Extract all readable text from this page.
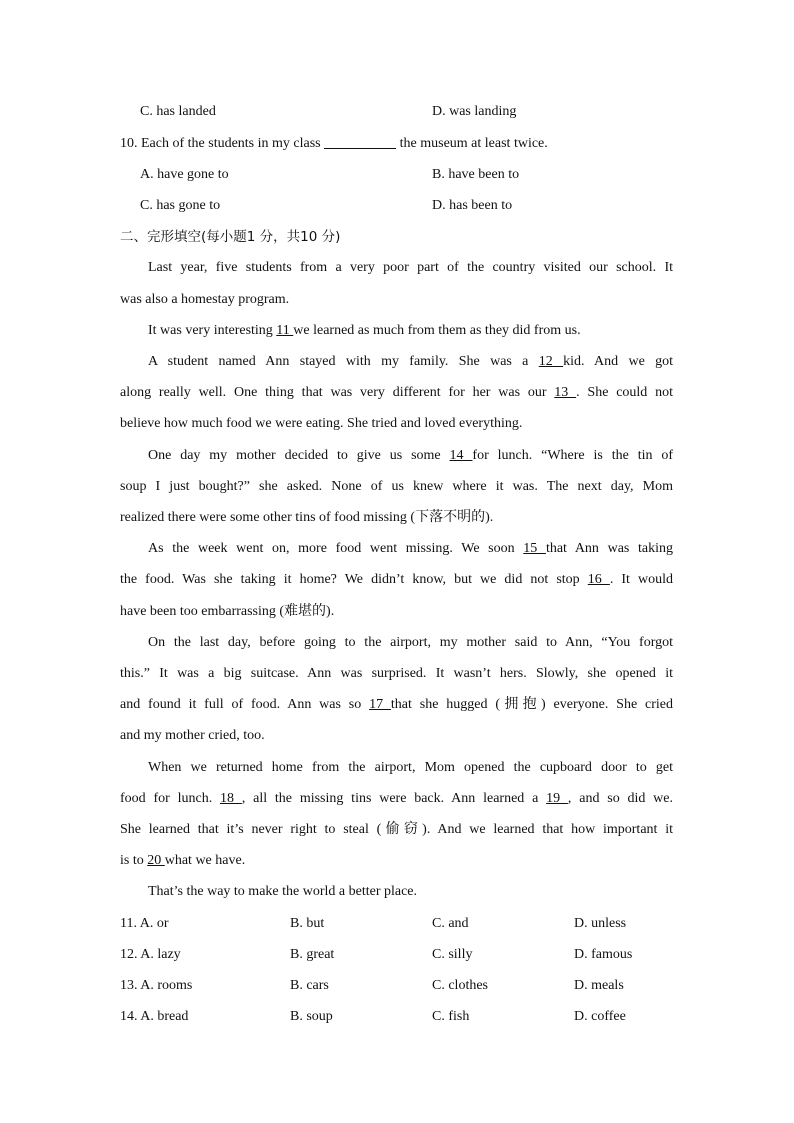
C. has landed	D. was landing
10. Each of the students in my class	the museum at least twice.
A. have gone to	B. have been to
C. has gone to	D. has been to
二、完形填空(每小题1 分，共10 分)
Last year, five students from a very poor part of the country visited our school. It
was also a homestay program.
It was very interesting 11 we learned as much from them as they did from us.
A student named Ann stayed with my family. She was a 12 kid. And we got
along really well. One thing that was very different for her was our 13 . She could not
believe how much food we were eating. She tried and loved everything.
One day my mother decided to give us some 14 for lunch. “Where is the tin of
soup I just bought?” she asked. None of us knew where it was. The next day, Mom
realized there were some other tins of food missing (下落不明的).
As the week went on, more food went missing. We soon 15 that Ann was taking
the food. Was she taking it home? We didn’t know, but we did not stop 16 . It would
have been too embarrassing (难堪的).
On the last day, before going to the airport, my mother said to Ann, “You forgot
this.” It was a big suitcase. Ann was surprised. It wasn’t hers. Slowly, she opened it
and found it full of food. Ann was so 17 that she hugged (拥抱) everyone. She cried
and my mother cried, too.
When we returned home from the airport, Mom opened the cupboard door to get
food for lunch. 18 , all the missing tins were back. Ann learned a 19 , and so did we.
She learned that it’s never right to steal (偷窃). And we learned that how important it
is to 20 what we have.
That’s the way to make the world a better place.
11. A. or	B. but	C. and	D. unless
12. A. lazy	B. great	C. silly	D. famous
13. A. rooms	B. cars	C. clothes	D. meals
14. A. bread	B. soup	C. fish	D. coffee
